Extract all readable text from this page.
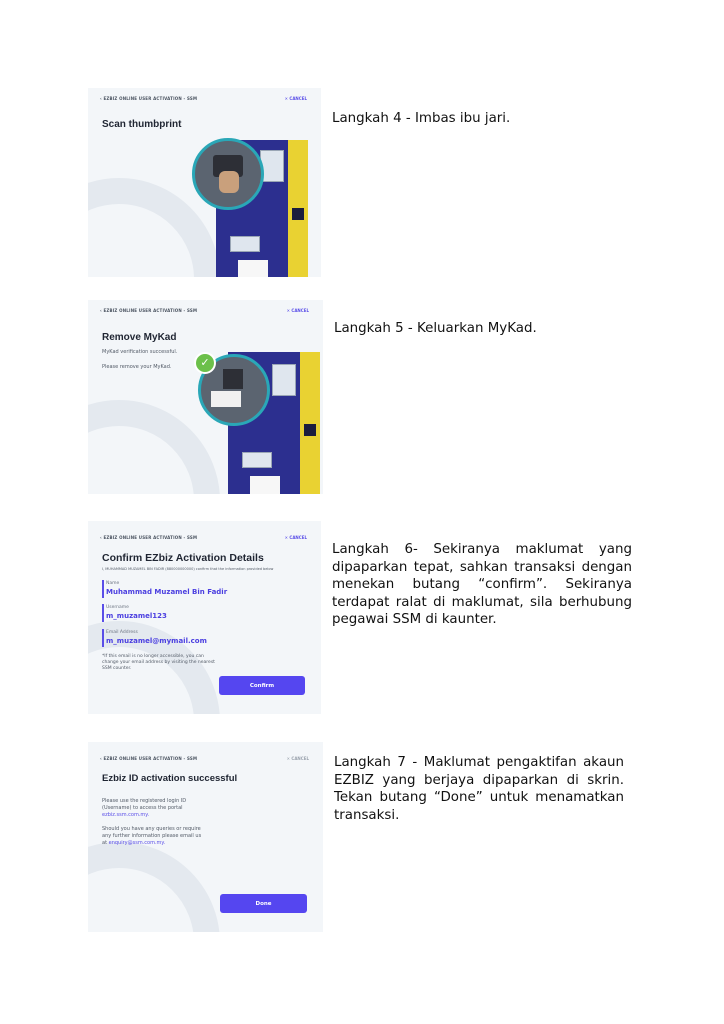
‹ EZBIZ ONLINE USER ACTIVATION - SSM	✕ CANCEL
Scan thumbprint	Langkah 4 - Imbas ibu jari.
‹ EZBIZ ONLINE USER ACTIVATION - SSM	✕ CANCEL
Remove MyKad
MyKad verification successful.
Please remove your MyKad.	✓
Langkah 5 - Keluarkan MyKad.
‹ EZBIZ ONLINE USER ACTIVATION - SSM	✕ CANCEL
Confirm EZbiz Activation Details
I, MUHAMMAD MUZAMEL BIN FADIR (880000000000) confirm that the information provided below
Name
Muhammad Muzamel Bin Fadir
Username
m_muzamel123
Email Address
m_muzamel@mymail.com
*If this email is no longer accessible, you can change your email address by visiting the nearest SSM counter.
Confirm
Langkah 6- Sekiranya maklumat yang dipaparkan tepat, sahkan transaksi dengan menekan butang “confirm”. Sekiranya terdapat ralat di maklumat, sila berhubung pegawai SSM di kaunter.
‹ EZBIZ ONLINE USER ACTIVATION - SSM	✕ CANCEL
Ezbiz ID activation successful
Please use the registered login ID (Username) to access the portal ezbiz.ssm.com.my.
Should you have any queries or require any further information please email us at enquiry@ssm.com.my.
Done
Langkah 7 - Maklumat pengaktifan akaun EZBIZ yang berjaya dipaparkan di skrin. Tekan butang “Done” untuk menamatkan transaksi.
